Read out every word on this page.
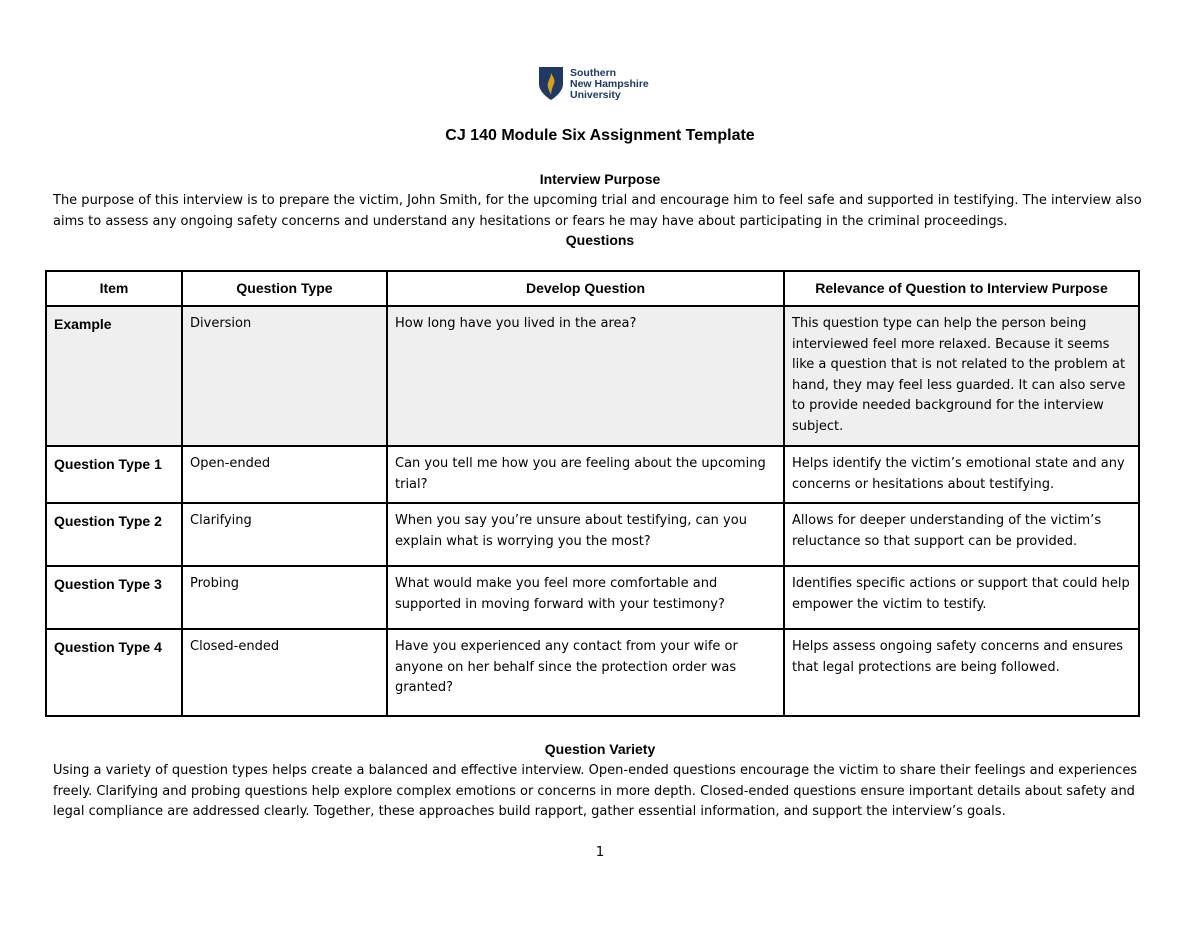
Southern
New Hampshire
University
CJ 140 Module Six Assignment Template
Interview Purpose
The purpose of this interview is to prepare the victim, John Smith, for the upcoming trial and encourage him to feel safe and supported in testifying. The interview also aims to assess any ongoing safety concerns and understand any hesitations or fears he may have about participating in the criminal proceedings.
Questions
Item	Question Type	Develop Question	Relevance of Question to Interview Purpose
Example	Diversion	How long have you lived in the area?	This question type can help the person being interviewed feel more relaxed. Because it seems like a question that is not related to the problem at hand, they may feel less guarded. It can also serve to provide needed background for the interview subject.
Question Type 1	Open-ended	Can you tell me how you are feeling about the upcoming trial?	Helps identify the victim’s emotional state and any concerns or hesitations about testifying.
Question Type 2	Clarifying	When you say you’re unsure about testifying, can you explain what is worrying you the most?	Allows for deeper understanding of the victim’s reluctance so that support can be provided.
Question Type 3	Probing	What would make you feel more comfortable and supported in moving forward with your testimony?	Identifies specific actions or support that could help empower the victim to testify.
Question Type 4	Closed-ended	Have you experienced any contact from your wife or anyone on her behalf since the protection order was granted?	Helps assess ongoing safety concerns and ensures that legal protections are being followed.
Question Variety
Using a variety of question types helps create a balanced and effective interview. Open-ended questions encourage the victim to share their feelings and experiences freely. Clarifying and probing questions help explore complex emotions or concerns in more depth. Closed-ended questions ensure important details about safety and legal compliance are addressed clearly. Together, these approaches build rapport, gather essential information, and support the interview’s goals.
1
